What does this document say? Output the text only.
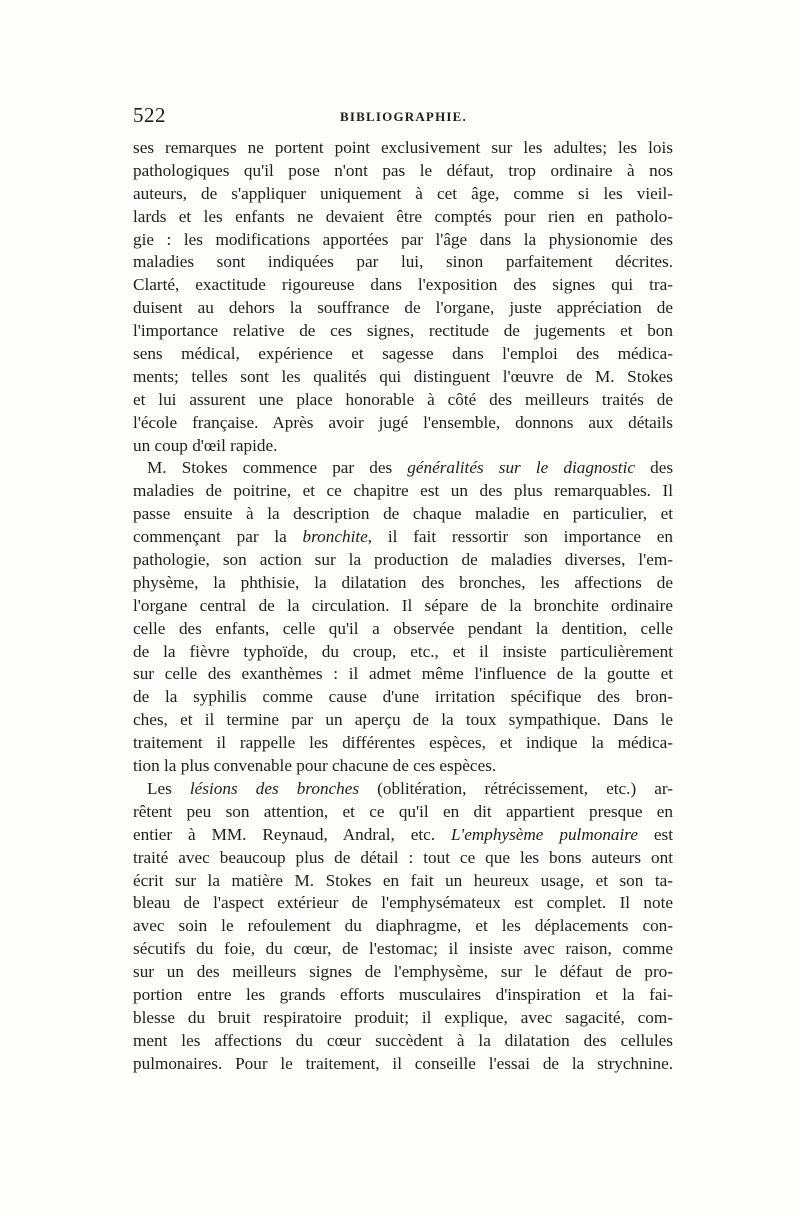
522	BIBLIOGRAPHIE.
ses remarques ne portent point exclusivement sur les adultes; les lois
pathologiques qu'il pose n'ont pas le défaut, trop ordinaire à nos
auteurs, de s'appliquer uniquement à cet âge, comme si les vieil-
lards et les enfants ne devaient être comptés pour rien en patholo-
gie : les modifications apportées par l'âge dans la physionomie des
maladies sont indiquées par lui, sinon parfaitement décrites.
Clarté, exactitude rigoureuse dans l'exposition des signes qui tra-
duisent au dehors la souffrance de l'organe, juste appréciation de
l'importance relative de ces signes, rectitude de jugements et bon
sens médical, expérience et sagesse dans l'emploi des médica-
ments; telles sont les qualités qui distinguent l'œuvre de M. Stokes
et lui assurent une place honorable à côté des meilleurs traités de
l'école française. Après avoir jugé l'ensemble, donnons aux détails
un coup d'œil rapide.
M. Stokes commence par des généralités sur le diagnostic des
maladies de poitrine, et ce chapitre est un des plus remarquables. Il
passe ensuite à la description de chaque maladie en particulier, et
commençant par la bronchite, il fait ressortir son importance en
pathologie, son action sur la production de maladies diverses, l'em-
physème, la phthisie, la dilatation des bronches, les affections de
l'organe central de la circulation. Il sépare de la bronchite ordinaire
celle des enfants, celle qu'il a observée pendant la dentition, celle
de la fièvre typhoïde, du croup, etc., et il insiste particulièrement
sur celle des exanthèmes : il admet même l'influence de la goutte et
de la syphilis comme cause d'une irritation spécifique des bron-
ches, et il termine par un aperçu de la toux sympathique. Dans le
traitement il rappelle les différentes espèces, et indique la médica-
tion la plus convenable pour chacune de ces espèces.
Les lésions des bronches (oblitération, rétrécissement, etc.) ar-
rêtent peu son attention, et ce qu'il en dit appartient presque en
entier à MM. Reynaud, Andral, etc. L'emphysème pulmonaire est
traité avec beaucoup plus de détail : tout ce que les bons auteurs ont
écrit sur la matière M. Stokes en fait un heureux usage, et son ta-
bleau de l'aspect extérieur de l'emphysémateux est complet. Il note
avec soin le refoulement du diaphragme, et les déplacements con-
sécutifs du foie, du cœur, de l'estomac; il insiste avec raison, comme
sur un des meilleurs signes de l'emphysème, sur le défaut de pro-
portion entre les grands efforts musculaires d'inspiration et la fai-
blesse du bruit respiratoire produit; il explique, avec sagacité, com-
ment les affections du cœur succèdent à la dilatation des cellules
pulmonaires. Pour le traitement, il conseille l'essai de la strychnine.
